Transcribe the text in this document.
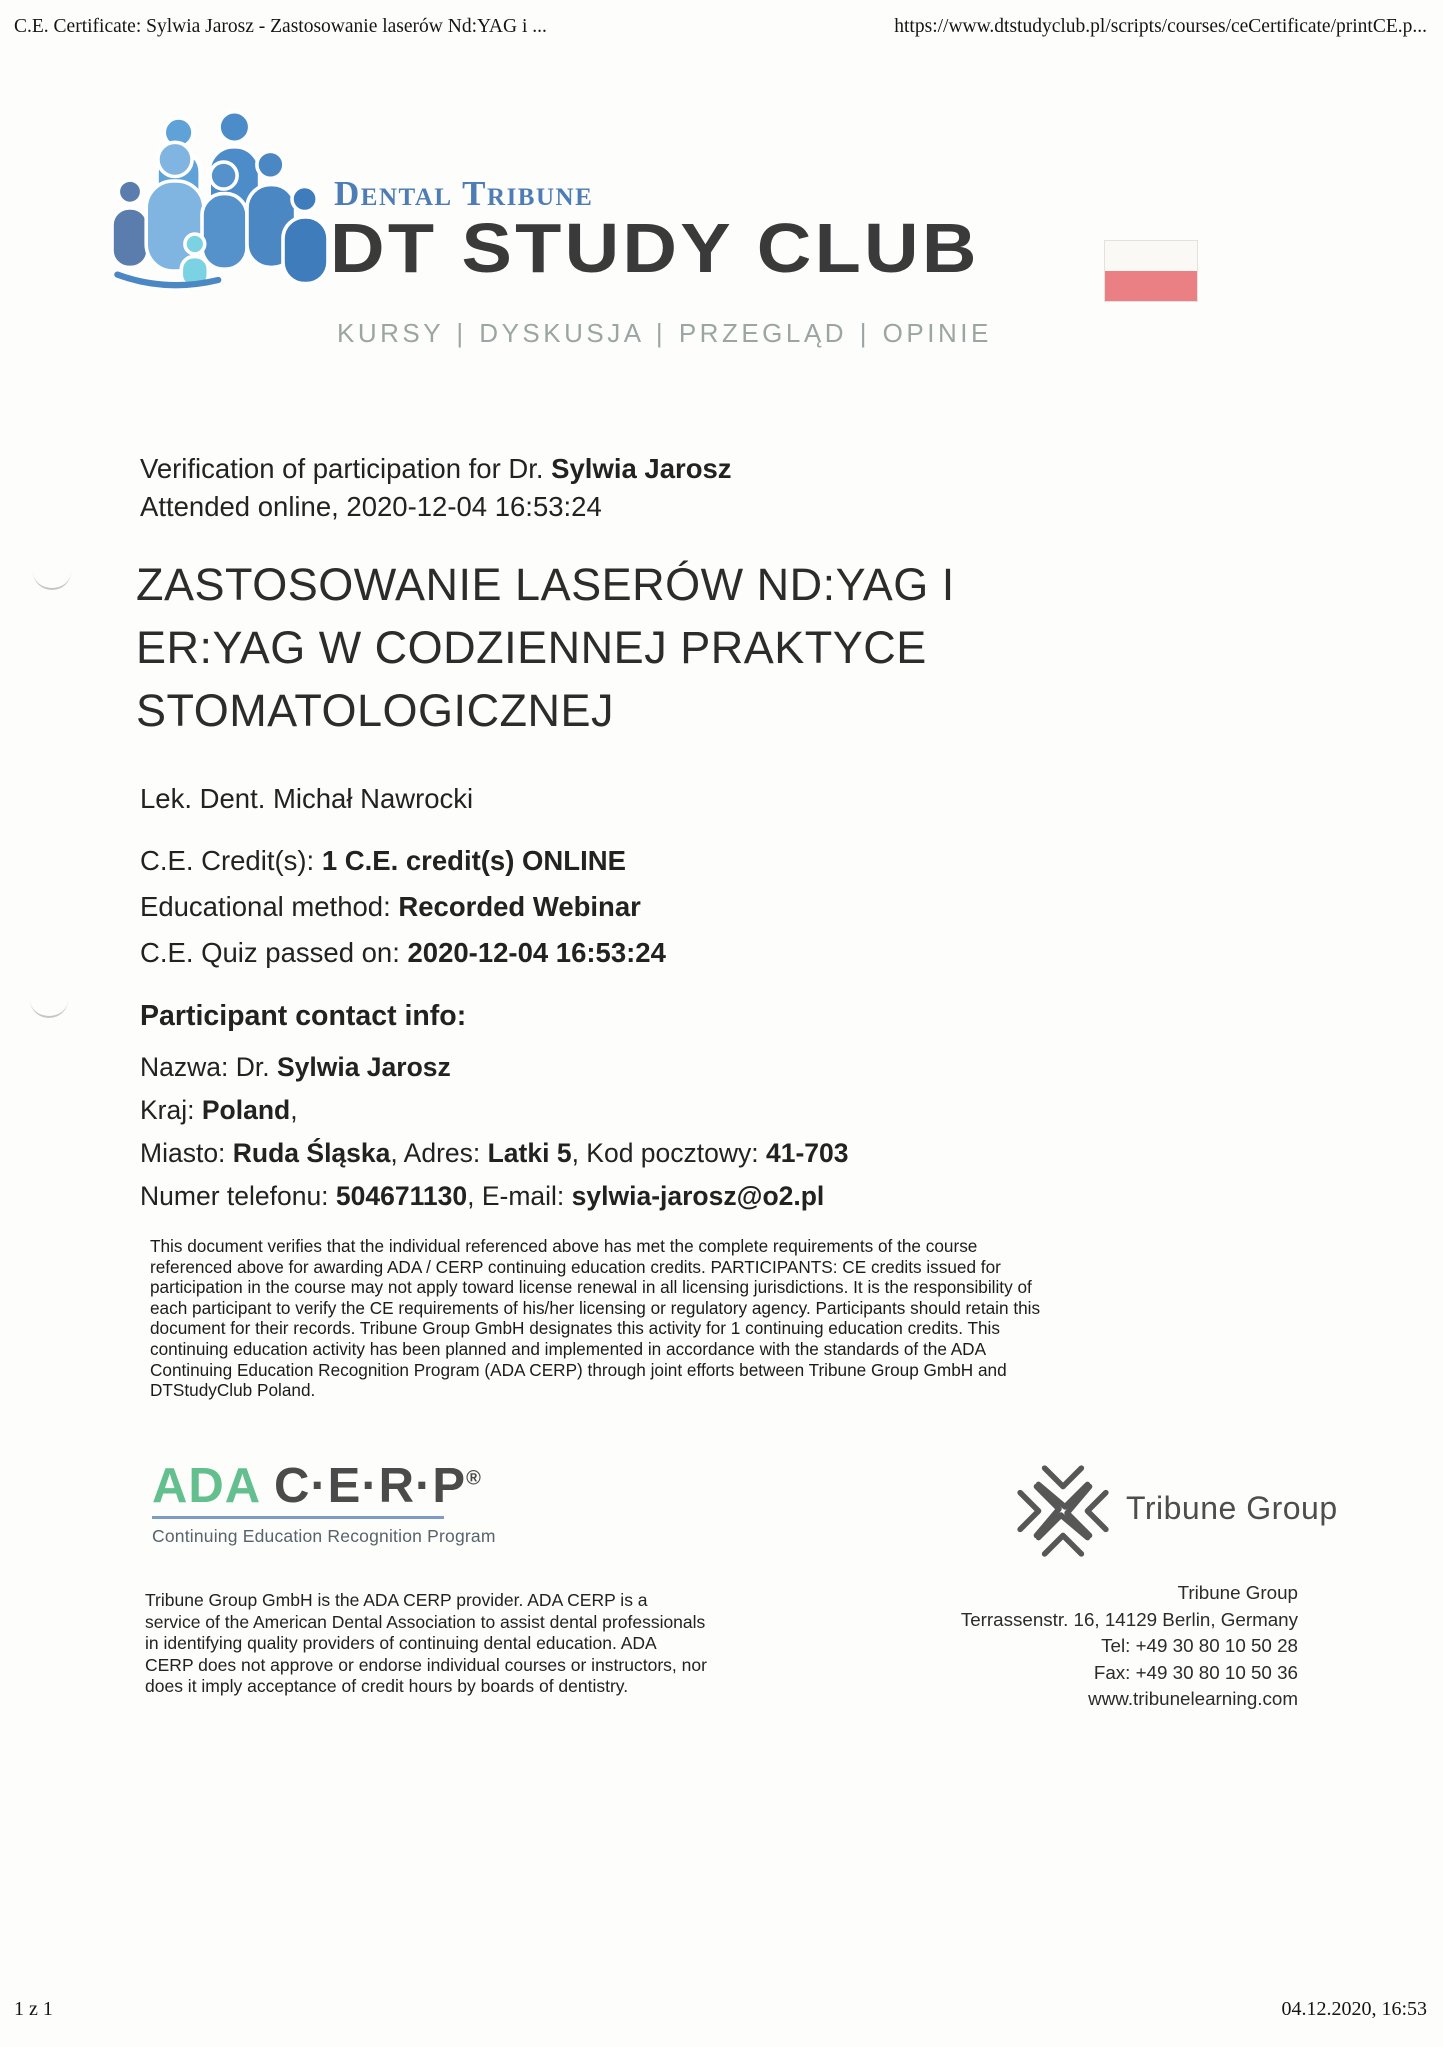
C.E. Certificate: Sylwia Jarosz - Zastosowanie laserów Nd:YAG i ...	https://www.dtstudyclub.pl/scripts/courses/ceCertificate/printCE.p...
Dental Tribune
DT STUDY CLUB
KURSY | DYSKUSJA | PRZEGLĄD | OPINIE
Verification of participation for Dr. Sylwia Jarosz
Attended online, 2020-12-04 16:53:24
ZASTOSOWANIE LASERÓW ND:YAG I
ER:YAG W CODZIENNEJ PRAKTYCE
STOMATOLOGICZNEJ
Lek. Dent. Michał Nawrocki
C.E. Credit(s): 1 C.E. credit(s) ONLINE
Educational method: Recorded Webinar
C.E. Quiz passed on: 2020-12-04 16:53:24
Participant contact info:
Nazwa: Dr. Sylwia Jarosz
Kraj: Poland,
Miasto: Ruda Śląska, Adres: Latki 5, Kod pocztowy: 41-703
Numer telefonu: 504671130, E-mail: sylwia-jarosz@o2.pl
This document verifies that the individual referenced above has met the complete requirements of the course referenced above for awarding ADA / CERP continuing education credits. PARTICIPANTS: CE credits issued for participation in the course may not apply toward license renewal in all licensing jurisdictions. It is the responsibility of each participant to verify the CE requirements of his/her licensing or regulatory agency. Participants should retain this document for their records. Tribune Group GmbH designates this activity for 1 continuing education credits. This continuing education activity has been planned and implemented in accordance with the standards of the ADA Continuing Education Recognition Program (ADA CERP) through joint efforts between Tribune Group GmbH and DTStudyClub Poland.
ADA C·E·R·P®
Continuing Education Recognition Program
Tribune Group
Tribune Group GmbH is the ADA CERP provider. ADA CERP is a service of the American Dental Association to assist dental professionals in identifying quality providers of continuing dental education. ADA CERP does not approve or endorse individual courses or instructors, nor does it imply acceptance of credit hours by boards of dentistry.
Tribune Group
Terrassenstr. 16, 14129 Berlin, Germany
Tel: +49 30 80 10 50 28
Fax: +49 30 80 10 50 36
www.tribunelearning.com
1 z 1	04.12.2020, 16:53
